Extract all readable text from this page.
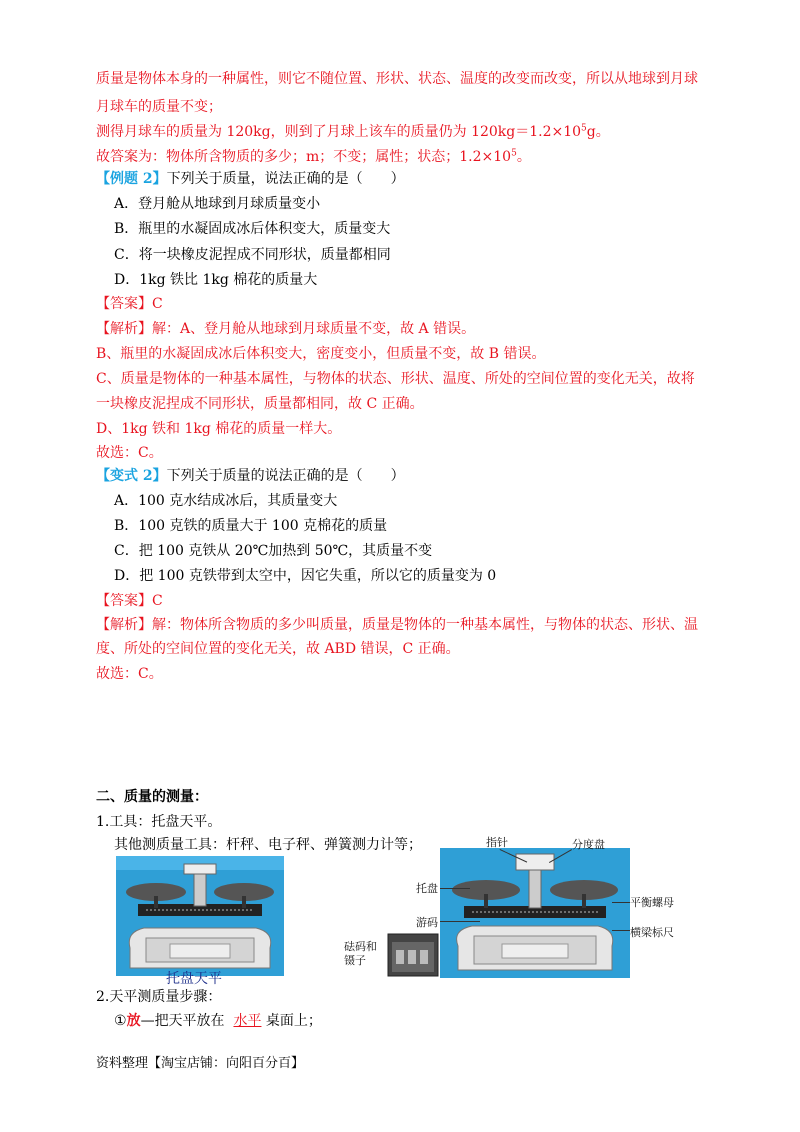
质量是物体本身的一种属性，则它不随位置、形状、状态、温度的改变而改变，所以从地球到月球
月球车的质量不变；
测得月球车的质量为 120kg，则到了月球上该车的质量仍为 $120kg=1.2\times 10^5g$。
故答案为：物体所含物质的多少；m；不变；属性；状态；$1.2\times 10^5$。
【例题 2】下列关于质量，说法正确的是（　　）
A．登月舱从地球到月球质量变小
B．瓶里的水凝固成冰后体积变大，质量变大
C．将一块橡皮泥捏成不同形状，质量都相同
D．1kg 铁比 1kg 棉花的质量大
【答案】C
【解析】解：A、登月舱从地球到月球质量不变，故 A 错误。
B、瓶里的水凝固成冰后体积变大，密度变小，但质量不变，故 B 错误。
C、质量是物体的一种基本属性，与物体的状态、形状、温度、所处的空间位置的变化无关，故将
一块橡皮泥捏成不同形状，质量都相同，故 C 正确。
D、1kg 铁和 1kg 棉花的质量一样大。
故选：C。
【变式 2】下列关于质量的说法正确的是（　　）
A．100 克水结成冰后，其质量变大
B．100 克铁的质量大于 100 克棉花的质量
C．把 100 克铁从 20℃加热到 50℃，其质量不变
D．把 100 克铁带到太空中，因它失重，所以它的质量变为 0
【答案】C
【解析】解：物体所含物质的多少叫质量，质量是物体的一种基本属性，与物体的状态、形状、温
度、所处的空间位置的变化无关，故 ABD 错误，C 正确。
故选：C。
二、质量的测量：
1.工具：托盘天平。
其他测质量工具：杆秤、电子秤、弹簧测力计等；
托盘天平
指针	分度盘
托盘
游码
平衡螺母
横梁标尺
砝码和
镊子
2.天平测质量步骤：
①放—把天平放在 水平 桌面上；
资料整理【淘宝店铺：向阳百分百】
